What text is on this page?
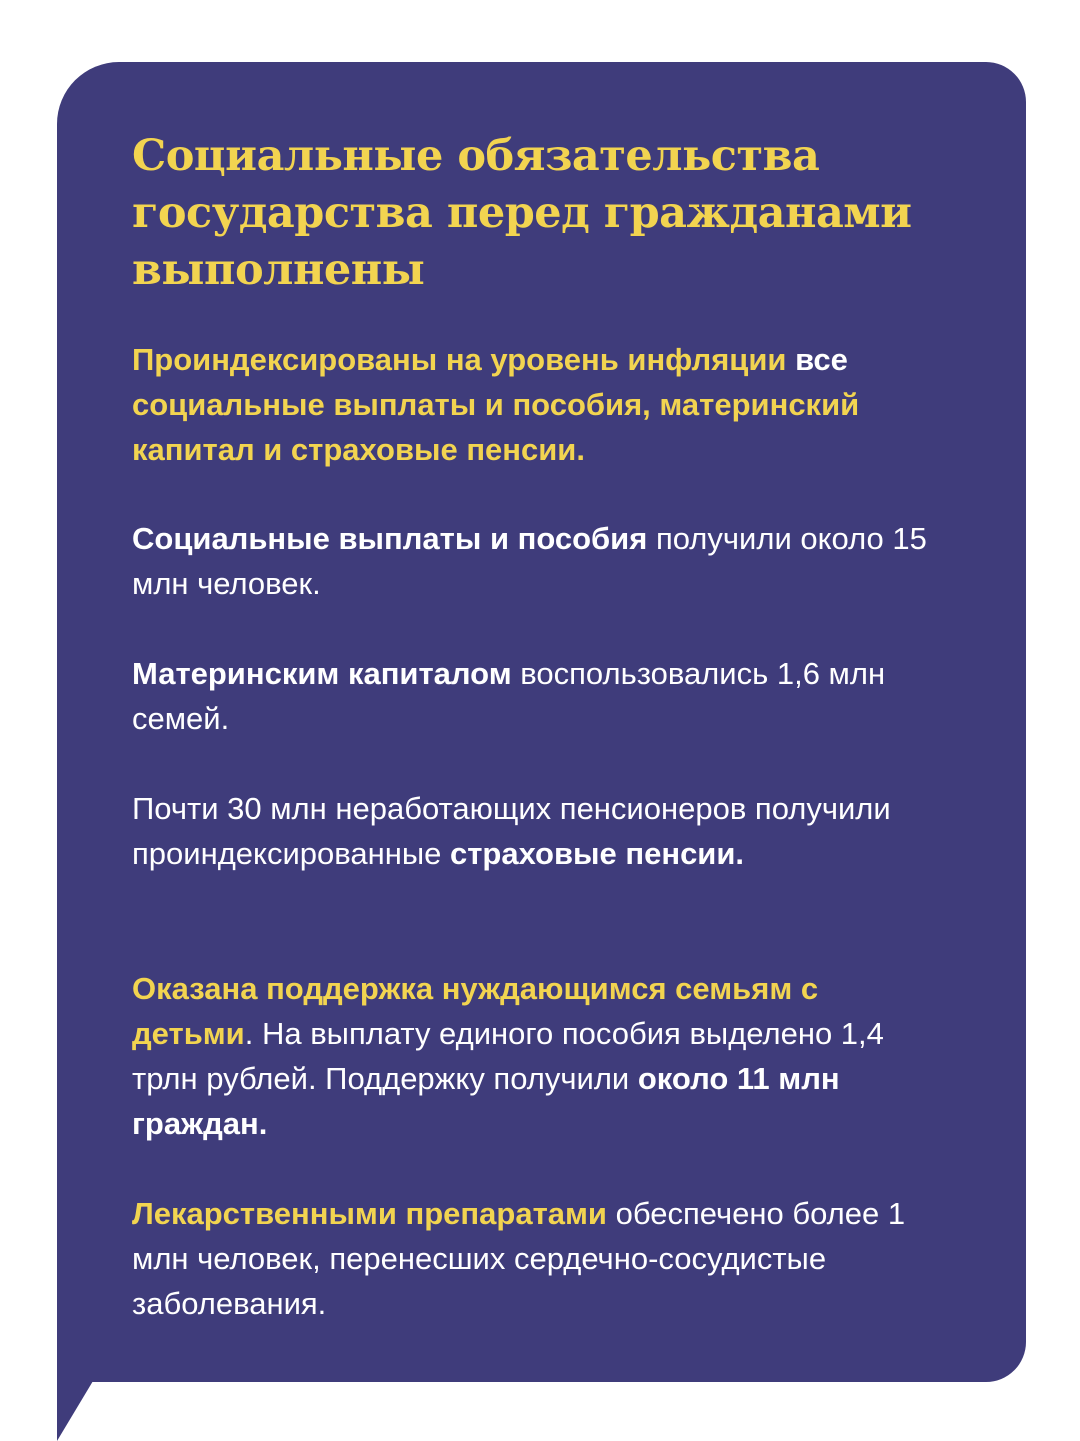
Социальные обязательства государства перед гражданами выполнены

Проиндексированы на уровень инфляции все социальные выплаты и пособия, материнский капитал и страховые пенсии.

Социальные выплаты и пособия получили около 15 млн человек.

Материнским капиталом воспользовались 1,6 млн семей.

Почти 30 млн неработающих пенсионеров получили проиндексированные страховые пенсии.

Оказана поддержка нуждающимся семьям с детьми. На выплату единого пособия выделено 1,4 трлн рублей. Поддержку получили около 11 млн граждан.

Лекарственными препаратами обеспечено более 1 млн человек, перенесших сердечно-сосудистые заболевания.
